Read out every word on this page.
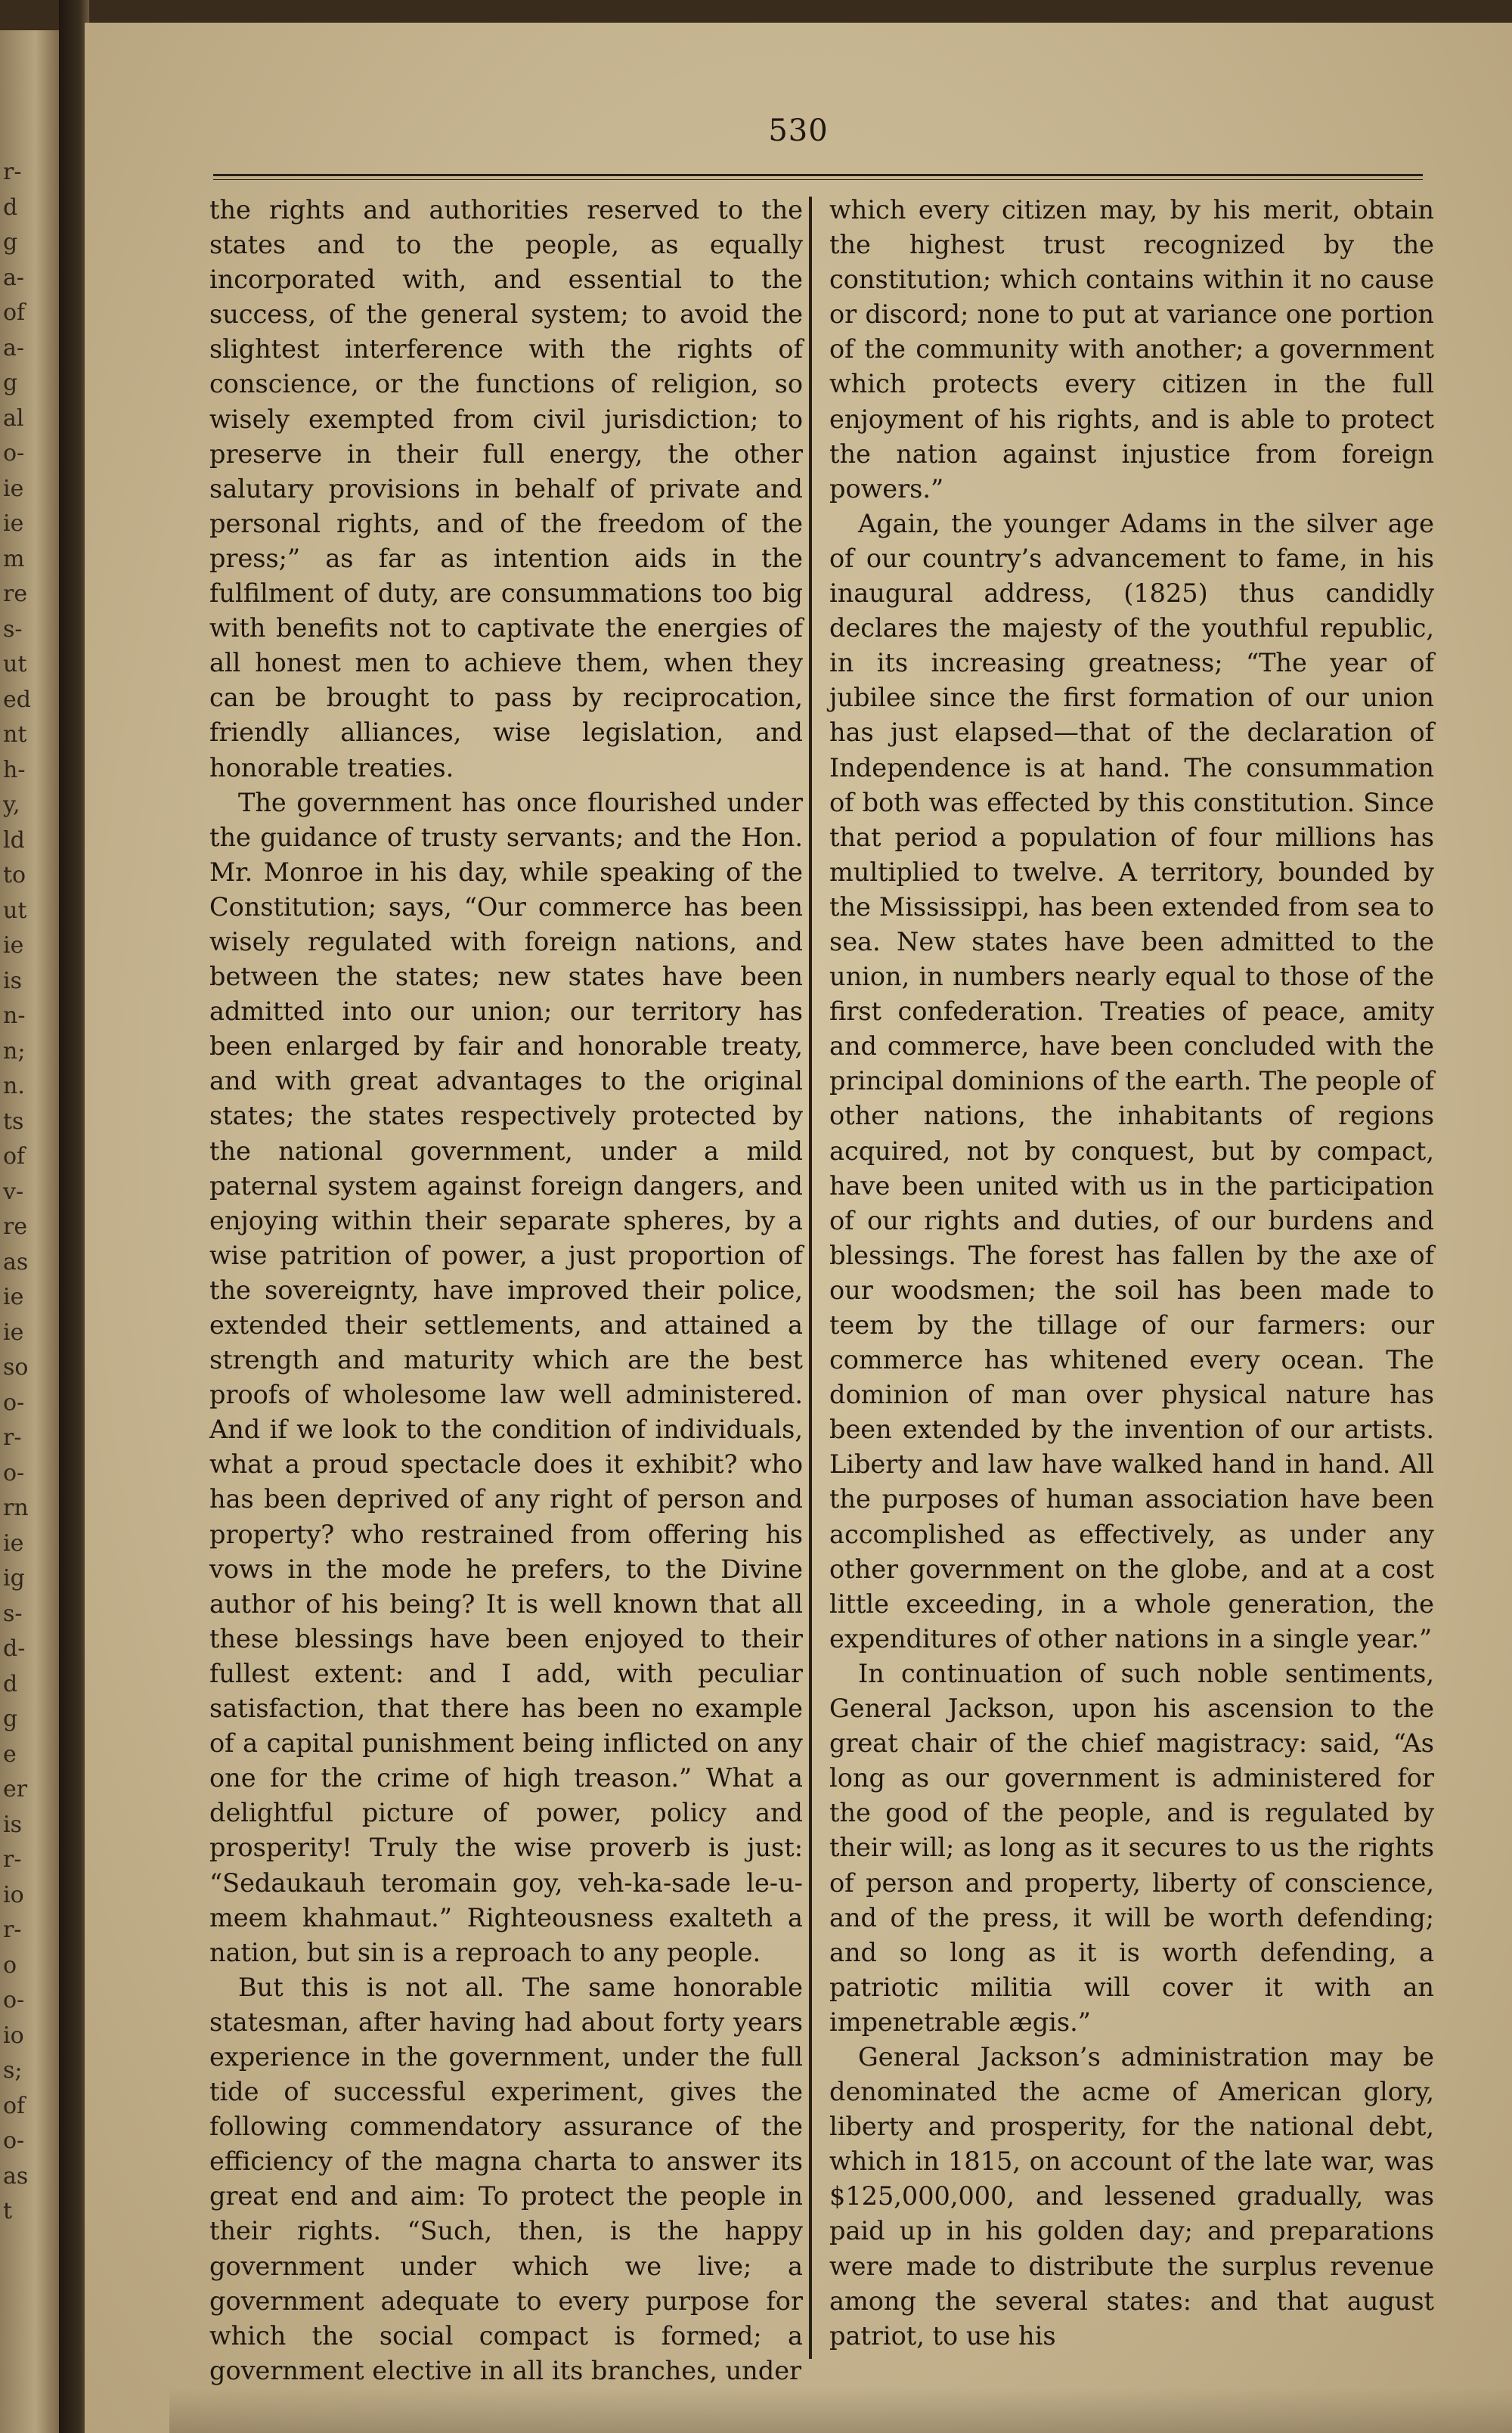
r-
d
g
a-
of
a-
g
al
o-
ie
ie
m
re
s-
ut
ed
nt
h-
y,
ld
to
ut
ie
is
n-
n;
n.
ts
of
v-
re
as
ie
ie
so
o-
r-
o-
rn
ie
ig
s-
d-
d
g
e
er
is
r-
io
r-
o
o-
io
s;
of
o-
as
t
530

the rights and authorities reserved to the states and to the people, as equally incorporated with, and essential to the success, of the general system; to avoid the slightest interference with the rights of conscience, or the functions of religion, so wisely exempted from civil jurisdiction; to preserve in their full energy, the other salutary provisions in behalf of private and personal rights, and of the freedom of the press;” as far as intention aids in the fulfilment of duty, are consummations too big with benefits not to captivate the energies of all honest men to achieve them, when they can be brought to pass by reciprocation, friendly alliances, wise legislation, and honorable treaties.

The government has once flourished under the guidance of trusty servants; and the Hon. Mr. Monroe in his day, while speaking of the Constitution; says, “Our commerce has been wisely regulated with foreign nations, and between the states; new states have been admitted into our union; our territory has been enlarged by fair and honorable treaty, and with great advantages to the original states; the states respectively protected by the national government, under a mild paternal system against foreign dangers, and enjoying within their separate spheres, by a wise patrition of power, a just proportion of the sovereignty, have improved their police, extended their settlements, and attained a strength and maturity which are the best proofs of wholesome law well administered. And if we look to the condition of individuals, what a proud spectacle does it exhibit? who has been deprived of any right of person and property? who restrained from offering his vows in the mode he prefers, to the Divine author of his being? It is well known that all these blessings have been enjoyed to their fullest extent: and I add, with peculiar satisfaction, that there has been no example of a capital punishment being inflicted on any one for the crime of high treason.” What a delightful picture of power, policy and prosperity! Truly the wise proverb is just: “Sedaukauh teromain goy, veh-ka-sade le-u-meem khahmaut.” Righteousness exalteth a nation, but sin is a reproach to any people.

But this is not all. The same honorable statesman, after having had about forty years experience in the government, under the full tide of successful experiment, gives the following commendatory assurance of the efficiency of the magna charta to answer its great end and aim: To protect the people in their rights. “Such, then, is the happy government under which we live; a government adequate to every purpose for which the social compact is formed; a government elective in all its branches, under

which every citizen may, by his merit, obtain the highest trust recognized by the constitution; which contains within it no cause or discord; none to put at variance one portion of the community with another; a government which protects every citizen in the full enjoyment of his rights, and is able to protect the nation against injustice from foreign powers.”

Again, the younger Adams in the silver age of our country’s advancement to fame, in his inaugural address, (1825) thus candidly declares the majesty of the youthful republic, in its increasing greatness; “The year of jubilee since the first formation of our union has just elapsed—that of the declaration of Independence is at hand. The consummation of both was effected by this constitution. Since that period a population of four millions has multiplied to twelve. A territory, bounded by the Mississippi, has been extended from sea to sea. New states have been admitted to the union, in numbers nearly equal to those of the first confederation. Treaties of peace, amity and commerce, have been concluded with the principal dominions of the earth. The people of other nations, the inhabitants of regions acquired, not by conquest, but by compact, have been united with us in the participation of our rights and duties, of our burdens and blessings. The forest has fallen by the axe of our woodsmen; the soil has been made to teem by the tillage of our farmers: our commerce has whitened every ocean. The dominion of man over physical nature has been extended by the invention of our artists. Liberty and law have walked hand in hand. All the purposes of human association have been accomplished as effectively, as under any other government on the globe, and at a cost little exceeding, in a whole generation, the expenditures of other nations in a single year.”

In continuation of such noble sentiments, General Jackson, upon his ascension to the great chair of the chief magistracy: said, “As long as our government is administered for the good of the people, and is regulated by their will; as long as it secures to us the rights of person and property, liberty of conscience, and of the press, it will be worth defending; and so long as it is worth defending, a patriotic militia will cover it with an impenetrable ægis.”

General Jackson’s administration may be denominated the acme of American glory, liberty and prosperity, for the national debt, which in 1815, on account of the late war, was $125,000,000, and lessened gradually, was paid up in his golden day; and preparations were made to distribute the surplus revenue among the several states: and that august patriot, to use his
